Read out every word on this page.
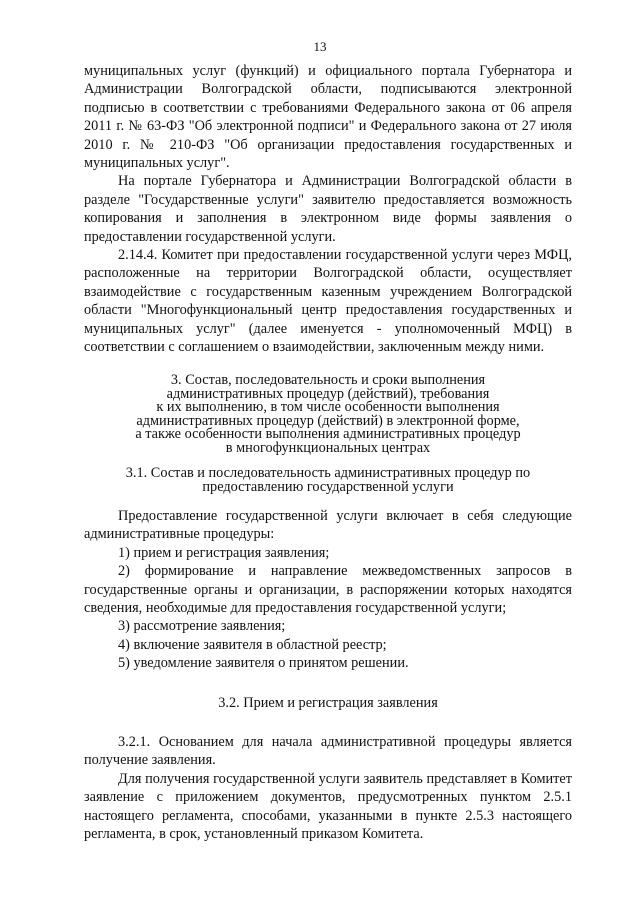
13

муниципальных услуг (функций) и официального портала Губернатора и Администрации Волгоградской области, подписываются электронной подписью в соответствии с требованиями Федерального закона от 06 апреля 2011 г. № 63-ФЗ "Об электронной подписи" и Федерального закона от 27 июля 2010 г. № 210-ФЗ "Об организации предоставления государственных и муниципальных услуг".

На портале Губернатора и Администрации Волгоградской области в разделе "Государственные услуги" заявителю предоставляется возможность копирования и заполнения в электронном виде формы заявления о предоставлении государственной услуги.

2.14.4. Комитет при предоставлении государственной услуги через МФЦ, расположенные на территории Волгоградской области, осуществляет взаимодействие с государственным казенным учреждением Волгоградской области "Многофункциональный центр предоставления государственных и муниципальных услуг" (далее именуется - уполномоченный МФЦ) в соответствии с соглашением о взаимодействии, заключенным между ними.

3. Состав, последовательность и сроки выполнения
административных процедур (действий), требования
к их выполнению, в том числе особенности выполнения
административных процедур (действий) в электронной форме,
а также особенности выполнения административных процедур
в многофункциональных центрах
3.1. Состав и последовательность административных процедур по
предоставлению государственной услуги

Предоставление государственной услуги включает в себя следующие административные процедуры:

1) прием и регистрация заявления;

2) формирование и направление межведомственных запросов в государственные органы и организации, в распоряжении которых находятся сведения, необходимые для предоставления государственной услуги;

3) рассмотрение заявления;

4) включение заявителя в областной реестр;

5) уведомление заявителя о принятом решении.

3.2. Прием и регистрация заявления

3.2.1. Основанием для начала административной процедуры является получение заявления.

Для получения государственной услуги заявитель представляет в Комитет заявление с приложением документов, предусмотренных пунктом 2.5.1 настоящего регламента, способами, указанными в пункте 2.5.3 настоящего регламента, в срок, установленный приказом Комитета.
